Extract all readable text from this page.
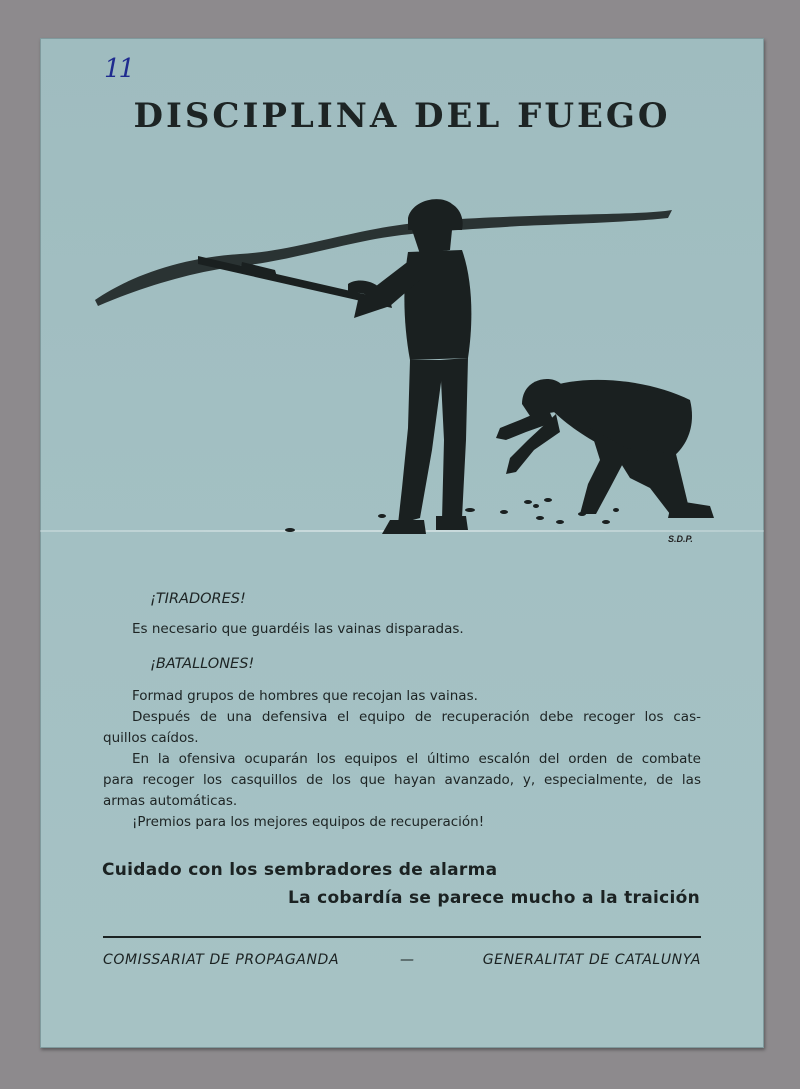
11
DISCIPLINA DEL FUEGO
S.D.P.
¡TIRADORES!
Es necesario que guardéis las vainas disparadas.
¡BATALLONES!
Formad grupos de hombres que recojan las vainas.
Después de una defensiva el equipo de recuperación debe recoger los cas-
quillos caídos.
En la ofensiva ocuparán los equipos el último escalón del orden de combate
para recoger los casquillos de los que hayan avanzado, y, especialmente, de las
armas automáticas.
¡Premios para los mejores equipos de recuperación!
Cuidado con los sembradores de alarma
La cobardía se parece mucho a la traición
COMISSARIAT DE PROPAGANDA	—	GENERALITAT DE CATALUNYA
